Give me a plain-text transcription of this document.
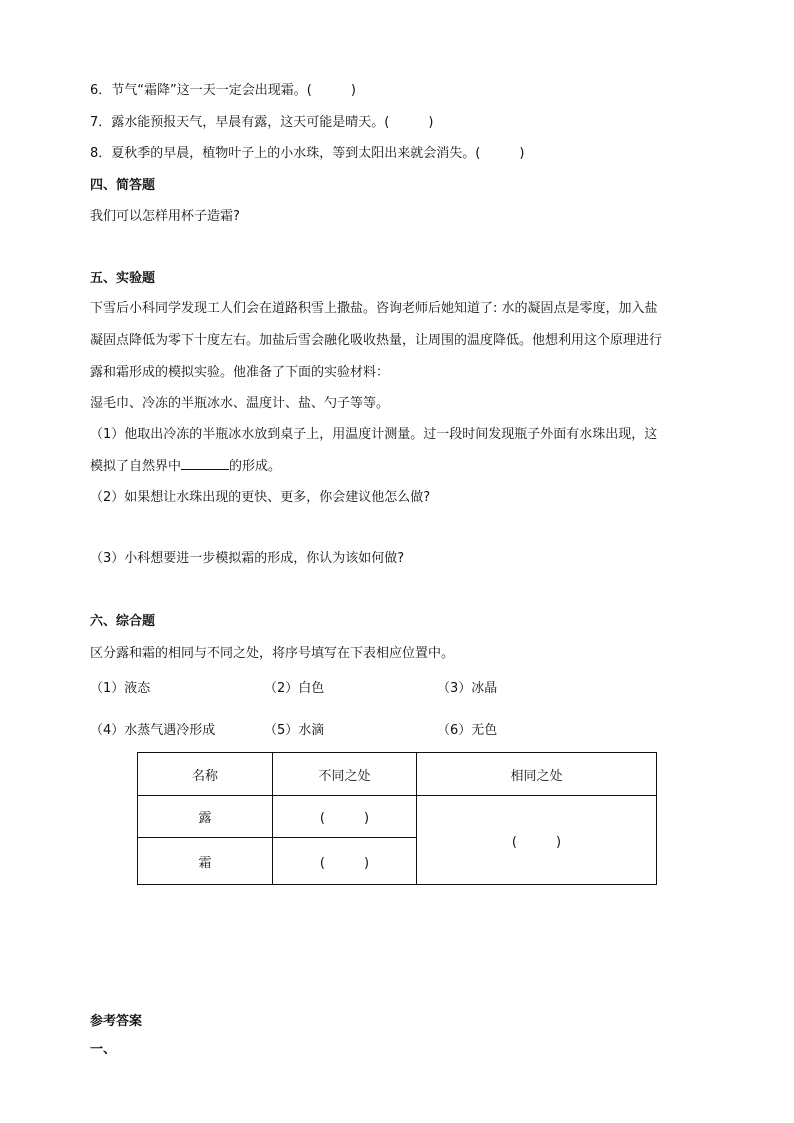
6．节气“霜降”这一天一定会出现霜。(　　　)
7．露水能预报天气，早晨有露，这天可能是晴天。(　　　)
8．夏秋季的早晨，植物叶子上的小水珠，等到太阳出来就会消失。(　　　)
四、简答题
我们可以怎样用杯子造霜?
五、实验题
下雪后小科同学发现工人们会在道路积雪上撒盐。咨询老师后她知道了: 水的凝固点是零度，加入盐
凝固点降低为零下十度左右。加盐后雪会融化吸收热量，让周围的温度降低。他想利用这个原理进行
露和霜形成的模拟实验。他准备了下面的实验材料：
湿毛巾、冷冻的半瓶冰水、温度计、盐、勺子等等。
（1）他取出冷冻的半瓶冰水放到桌子上，用温度计测量。过一段时间发现瓶子外面有水珠出现，这
模拟了自然界中	的形成。
（2）如果想让水珠出现的更快、更多，你会建议他怎么做?
（3）小科想要进一步模拟霜的形成，你认为该如何做?
六、综合题
区分露和霜的相同与不同之处，将序号填写在下表相应位置中。
（1）液态	（2）白色	（3）冰晶
（4）水蒸气遇冷形成	（5）水滴	（6）无色
名称	不同之处	相同之处
露	(　　　)	(　　　)
霜	(　　　)	
参考答案
一、
